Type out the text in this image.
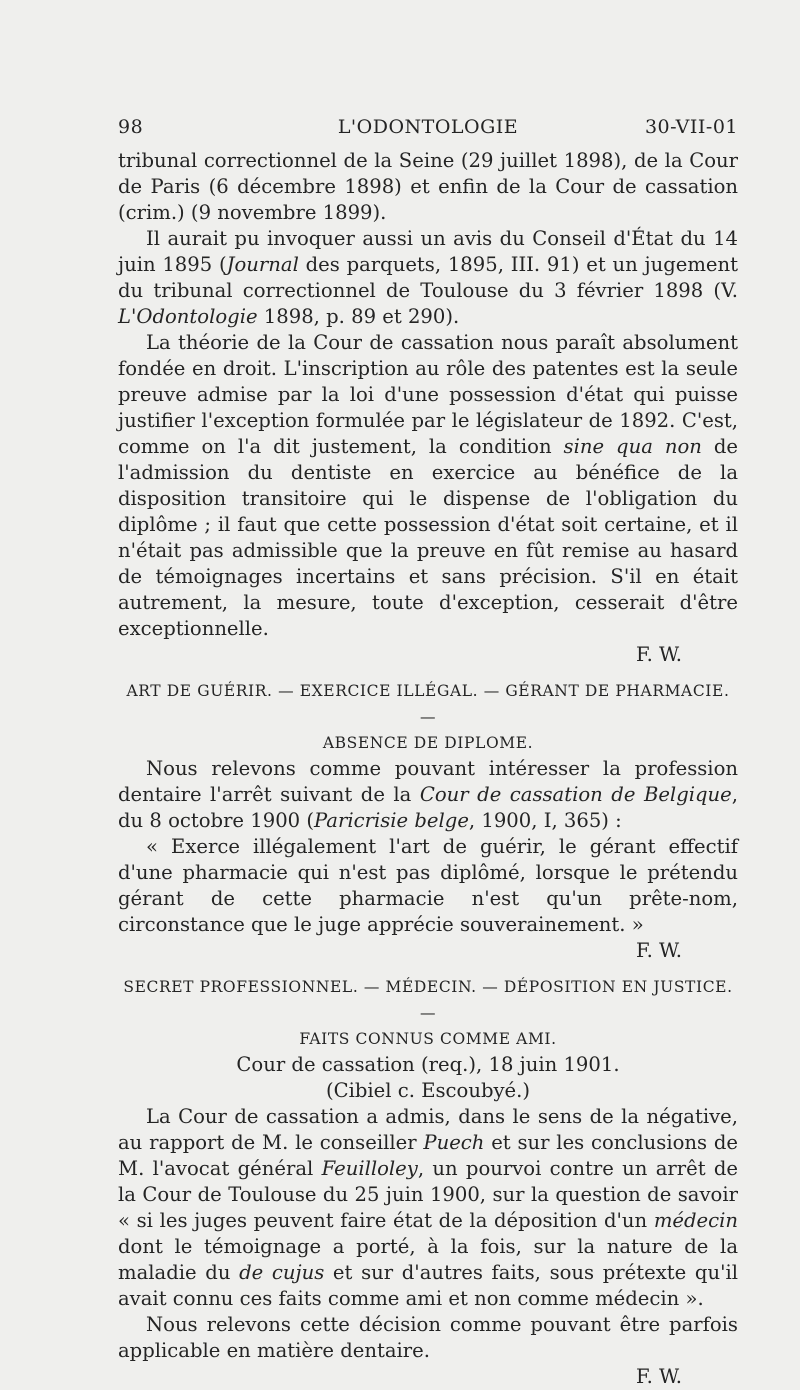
98	L'ODONTOLOGIE	30-VII-01

tribunal correctionnel de la Seine (29 juillet 1898), de la Cour de Paris (6 décembre 1898) et enfin de la Cour de cassation (crim.) (9 novembre 1899).

Il aurait pu invoquer aussi un avis du Conseil d'État du 14 juin 1895 (Journal des parquets, 1895, III. 91) et un jugement du tribunal correctionnel de Toulouse du 3 février 1898 (V. L'Odontologie 1898, p. 89 et 290).

La théorie de la Cour de cassation nous paraît absolument fondée en droit. L'inscription au rôle des patentes est la seule preuve admise par la loi d'une possession d'état qui puisse justifier l'exception formulée par le législateur de 1892. C'est, comme on l'a dit justement, la condition sine qua non de l'admission du dentiste en exercice au bénéfice de la disposition transitoire qui le dispense de l'obligation du diplôme ; il faut que cette possession d'état soit certaine, et il n'était pas admissible que la preuve en fût remise au hasard de témoignages incertains et sans précision. S'il en était autrement, la mesure, toute d'exception, cesserait d'être exceptionnelle.

F. W.

ART DE GUÉRIR. — EXERCICE ILLÉGAL. — GÉRANT DE PHARMACIE. —

ABSENCE DE DIPLOME.

Nous relevons comme pouvant intéresser la profession dentaire l'arrêt suivant de la Cour de cassation de Belgique, du 8 octobre 1900 (Paricrisie belge, 1900, I, 365) :

« Exerce illégalement l'art de guérir, le gérant effectif d'une pharmacie qui n'est pas diplômé, lorsque le prétendu gérant de cette pharmacie n'est qu'un prête-nom, circonstance que le juge apprécie souverainement. »

F. W.

SECRET PROFESSIONNEL. — MÉDECIN. — DÉPOSITION EN JUSTICE. —

FAITS CONNUS COMME AMI.

Cour de cassation (req.), 18 juin 1901.

(Cibiel c. Escoubyé.)

La Cour de cassation a admis, dans le sens de la négative, au rapport de M. le conseiller Puech et sur les conclusions de M. l'avocat général Feuilloley, un pourvoi contre un arrêt de la Cour de Toulouse du 25 juin 1900, sur la question de savoir « si les juges peuvent faire état de la déposition d'un médecin dont le témoignage a porté, à la fois, sur la nature de la maladie du de cujus et sur d'autres faits, sous prétexte qu'il avait connu ces faits comme ami et non comme médecin ».

Nous relevons cette décision comme pouvant être parfois applicable en matière dentaire.

F. W.
